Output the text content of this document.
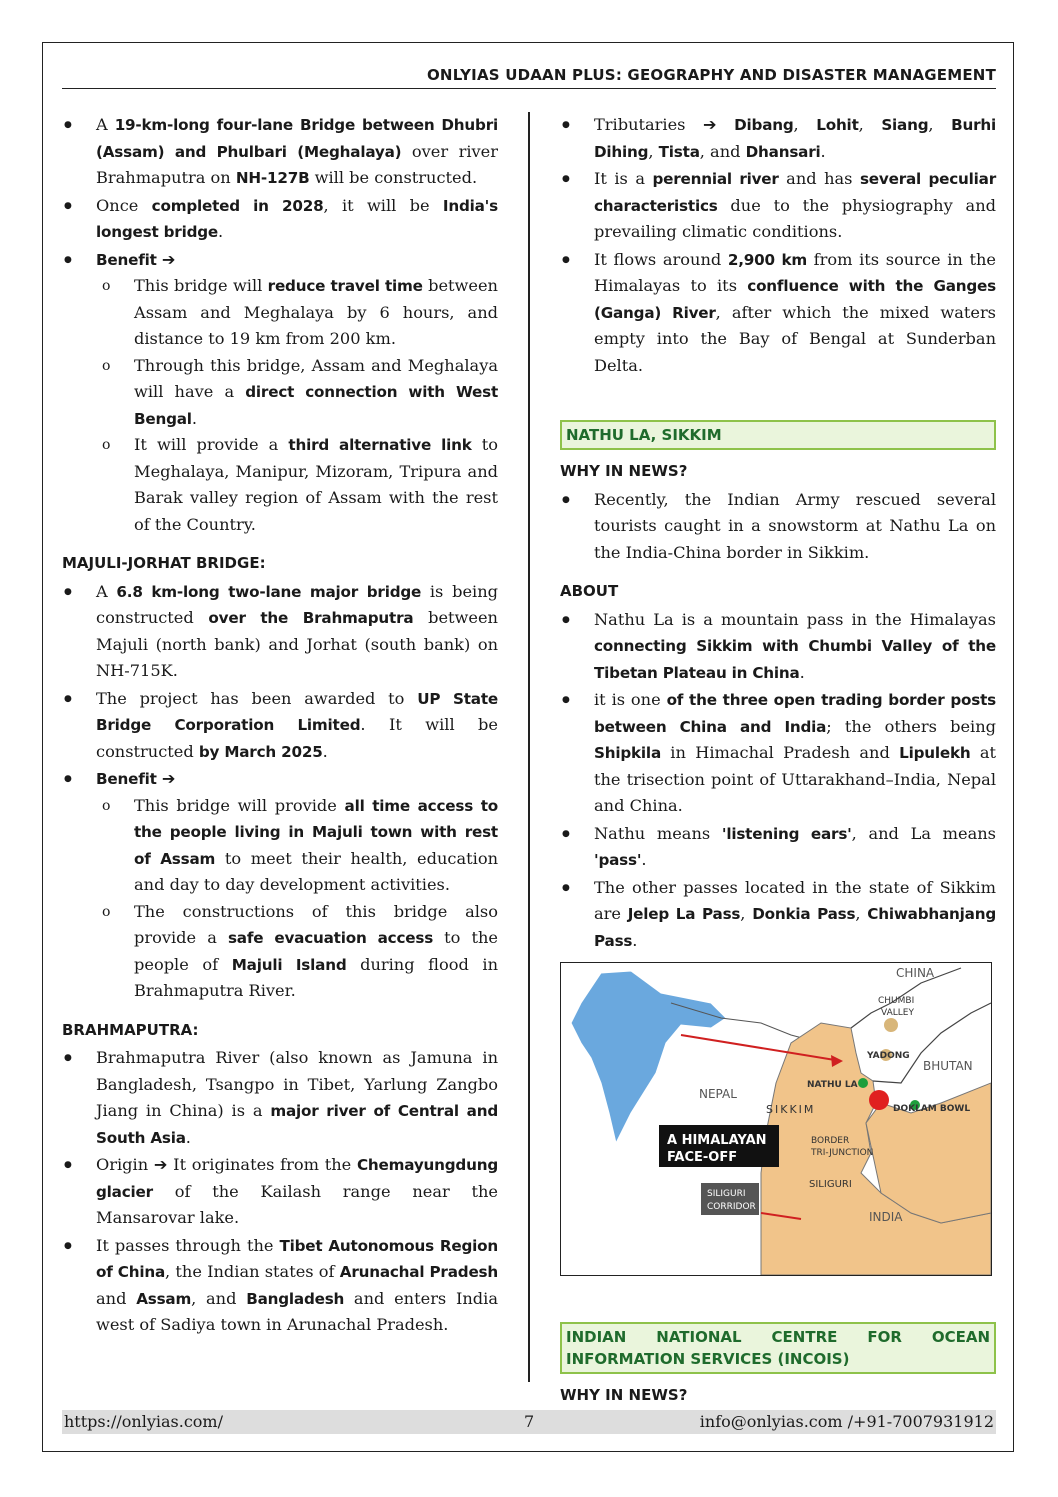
ONLYIAS UDAAN PLUS: GEOGRAPHY AND DISASTER MANAGEMENT
● A 19-km-long four-lane Bridge between Dhubri (Assam) and Phulbari (Meghalaya) over river Brahmaputra on NH-127B will be constructed.
● Once completed in 2028, it will be India's longest bridge.
● Benefit ➔
o This bridge will reduce travel time between Assam and Meghalaya by 6 hours, and distance to 19 km from 200 km.
o Through this bridge, Assam and Meghalaya will have a direct connection with West Bengal.
o It will provide a third alternative link to Meghalaya, Manipur, Mizoram, Tripura and Barak valley region of Assam with the rest of the Country.
MAJULI-JORHAT BRIDGE:
● A 6.8 km-long two-lane major bridge is being constructed over the Brahmaputra between Majuli (north bank) and Jorhat (south bank) on NH-715K.
● The project has been awarded to UP State Bridge Corporation Limited. It will be constructed by March 2025.
● Benefit ➔
o This bridge will provide all time access to the people living in Majuli town with rest of Assam to meet their health, education and day to day development activities.
o The constructions of this bridge also provide a safe evacuation access to the people of Majuli Island during flood in Brahmaputra River.
BRAHMAPUTRA:
● Brahmaputra River (also known as Jamuna in Bangladesh, Tsangpo in Tibet, Yarlung Zangbo Jiang in China) is a major river of Central and South Asia.
● Origin ➔ It originates from the Chemayungdung glacier of the Kailash range near the Mansarovar lake.
● It passes through the Tibet Autonomous Region of China, the Indian states of Arunachal Pradesh and Assam, and Bangladesh and enters India west of Sadiya town in Arunachal Pradesh.
● Tributaries ➔ Dibang, Lohit, Siang, Burhi Dihing, Tista, and Dhansari.
● It is a perennial river and has several peculiar characteristics due to the physiography and prevailing climatic conditions.
● It flows around 2,900 km from its source in the Himalayas to its confluence with the Ganges (Ganga) River, after which the mixed waters empty into the Bay of Bengal at Sunderban Delta.
NATHU LA, SIKKIM
WHY IN NEWS?
● Recently, the Indian Army rescued several tourists caught in a snowstorm at Nathu La on the India-China border in Sikkim.
ABOUT
● Nathu La is a mountain pass in the Himalayas connecting Sikkim with Chumbi Valley of the Tibetan Plateau in China.
● it is one of the three open trading border posts between China and India; the others being Shipkila in Himachal Pradesh and Lipulekh at the trisection point of Uttarakhand–India, Nepal and China.
● Nathu means 'listening ears', and La means 'pass'.
● The other passes located in the state of Sikkim are Jelep La Pass, Donkia Pass, Chiwabhanjang Pass.
CHINA
CHUMBI
VALLEY
YADONG
BHUTAN
NEPAL
NATHU LA
SIKKIM	DOKLAM BOWL
A HIMALAYAN
FACE-OFF
BORDER
TRI-JUNCTION
SILIGURI
SILIGURI
CORRIDOR
INDIA
INDIAN NATIONAL CENTRE FOR OCEAN INFORMATION SERVICES (INCOIS)
WHY IN NEWS?
https://onlyias.com/	7	info@onlyias.com /+91-7007931912
